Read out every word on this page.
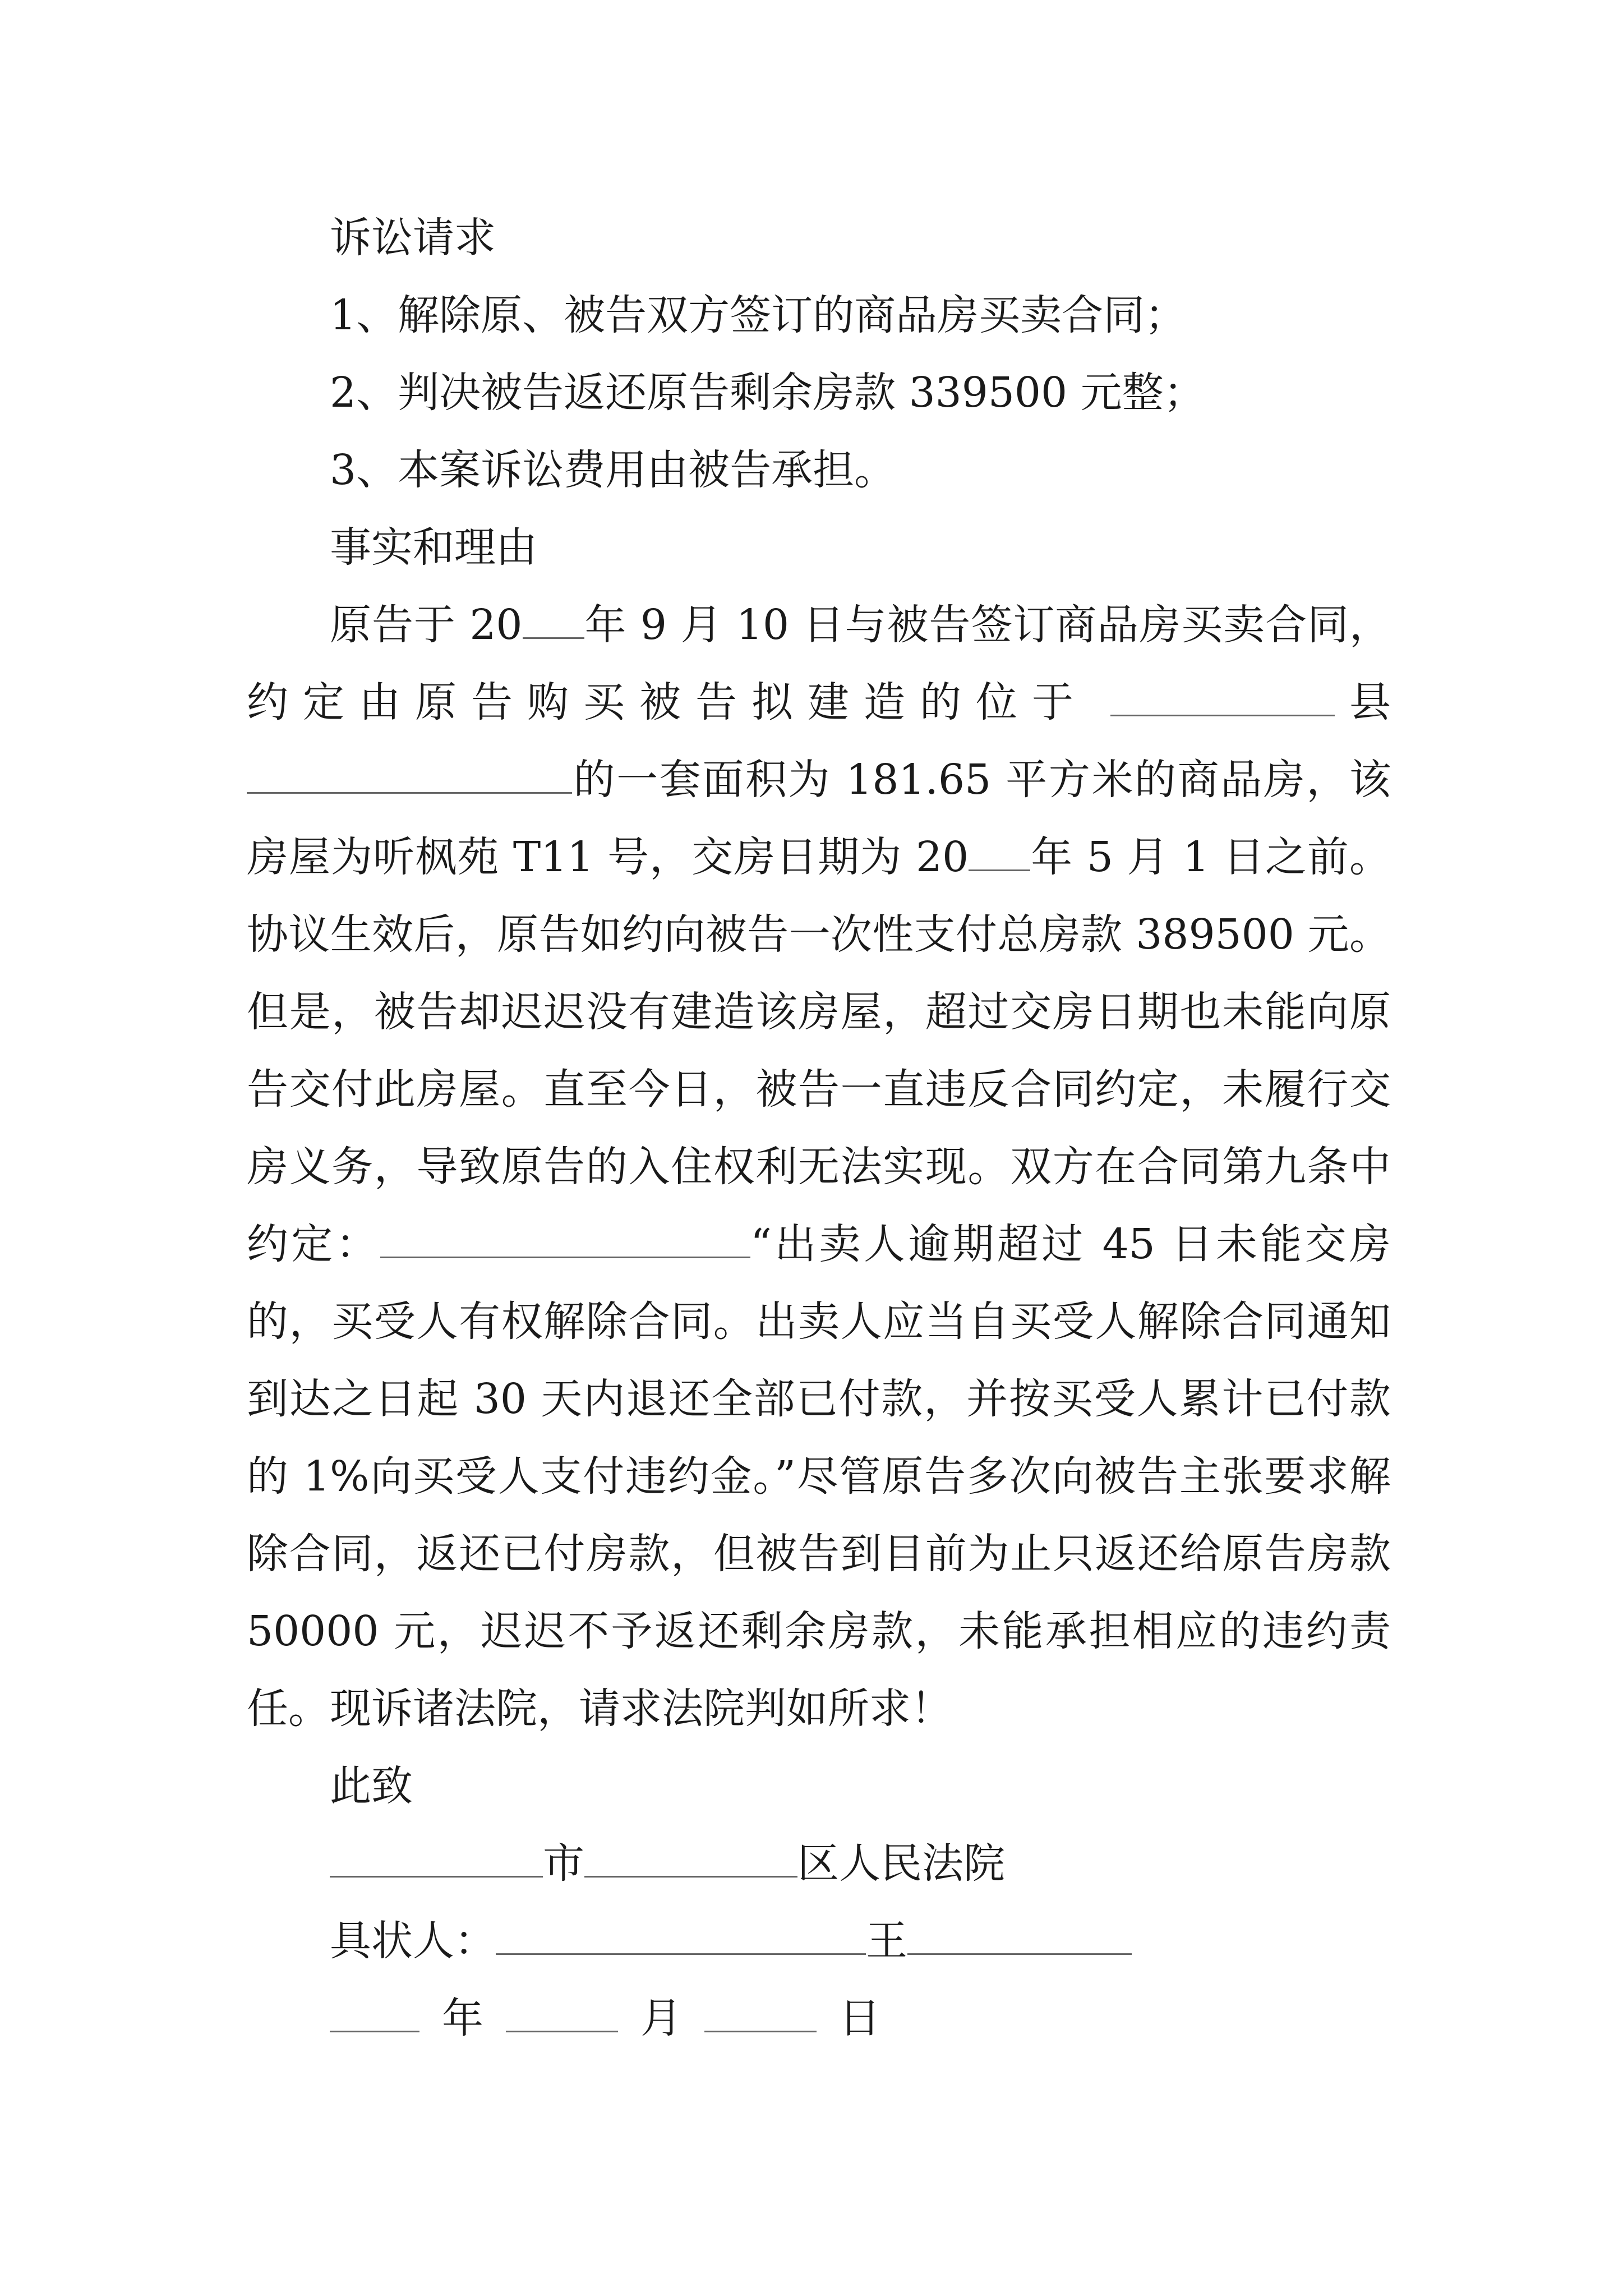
诉讼请求

1、解除原、被告双方签订的商品房买卖合同；

2、判决被告返还原告剩余房款 339500 元整；

3、本案诉讼费用由被告承担。

事实和理由

原告于 20 年 9 月 10 日与被告签订商品房买卖合同，约定由原告购买被告拟建造的位于	县的一套面积为 181.65 平方米的商品房，该房屋为听枫苑 T11 号，交房日期为 20 年 5 月 1 日之前。协议生效后，原告如约向被告一次性支付总房款 389500 元。但是，被告却迟迟没有建造该房屋，超过交房日期也未能向原告交付此房屋。直至今日，被告一直违反合同约定，未履行交房义务，导致原告的入住权利无法实现。双方在合同第九条中约定：	“出卖人逾期超过 45 日未能交房的，买受人有权解除合同。出卖人应当自买受人解除合同通知到达之日起 30 天内退还全部已付款，并按买受人累计已付款的 1%向买受人支付违约金。”尽管原告多次向被告主张要求解除合同，返还已付房款，但被告到目前为止只返还给原告房款 50000 元，迟迟不予返还剩余房款，未能承担相应的违约责任。现诉诸法院，请求法院判如所求！

此致

市	区人民法院

具状人：	王

年	月	日
